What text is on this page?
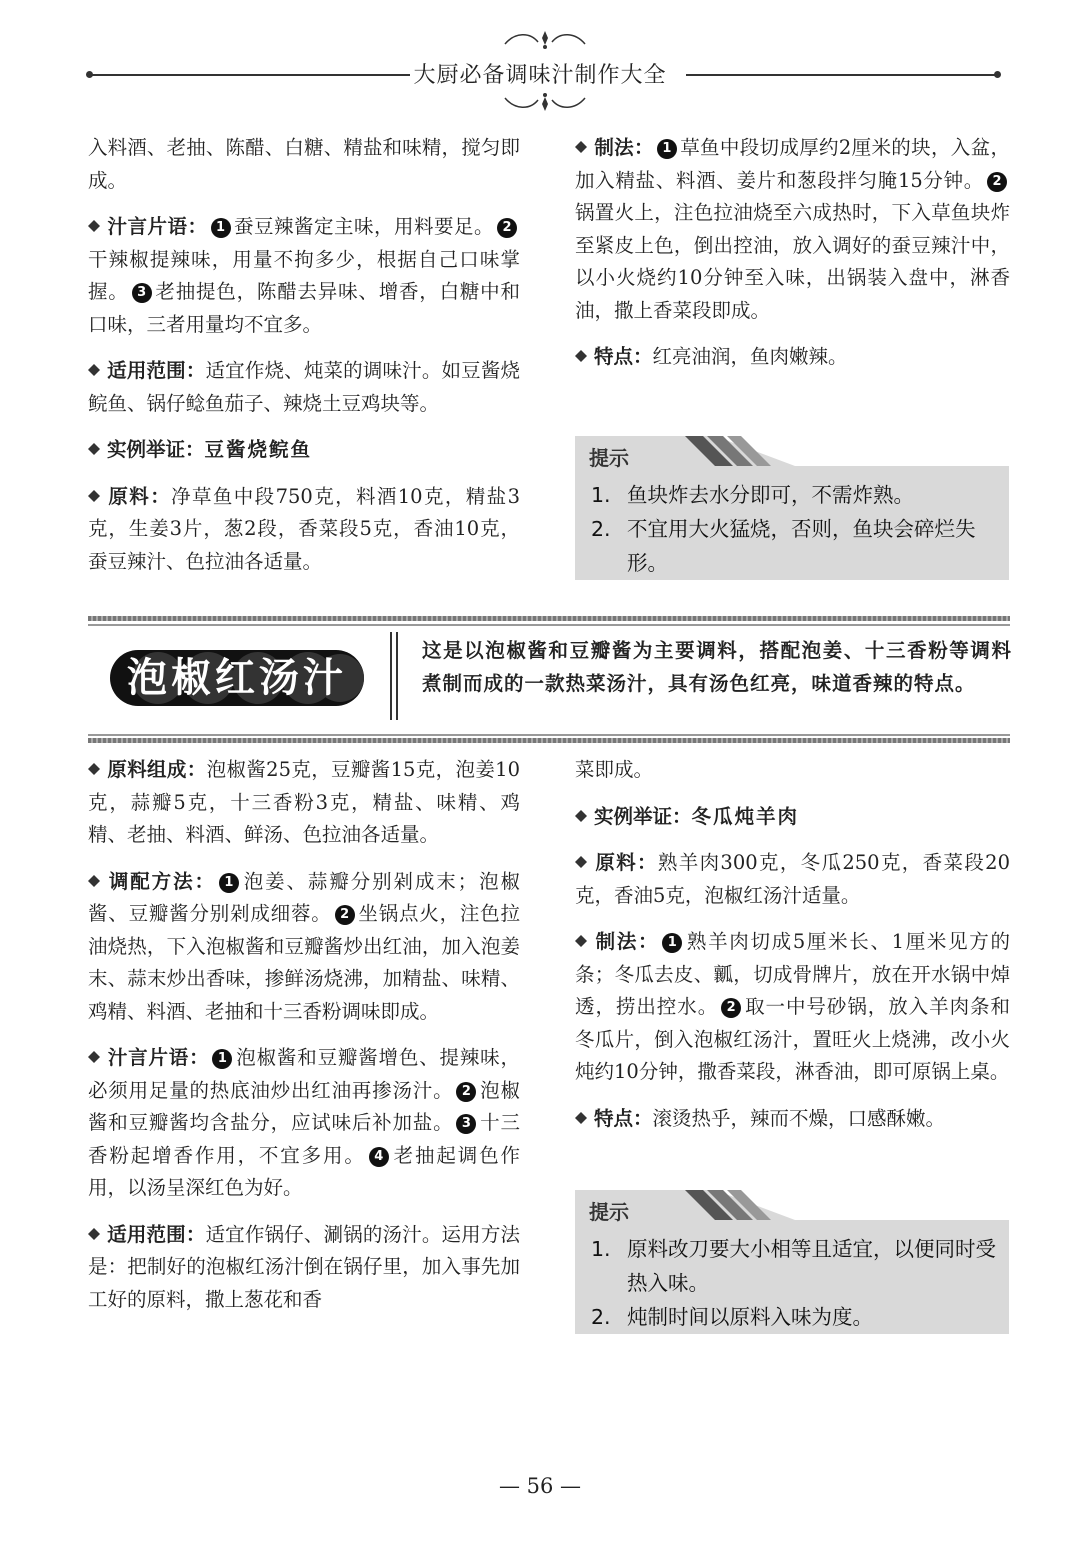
大厨必备调味汁制作大全

入料酒、老抽、陈醋、白糖、精盐和味精，搅匀即成。

汁言片语： 1 蚕豆辣酱定主味，用料要足。 2干辣椒提辣味，用量不拘多少，根据自己口味掌握。 3 老抽提色，陈醋去异味、增香，白糖中和口味，三者用量均不宜多。

适用范围：适宜作烧、炖菜的调味汁。如豆酱烧鲩鱼、锅仔鲶鱼茄子、辣烧土豆鸡块等。

实例举证：豆酱烧鲩鱼

原料：净草鱼中段750克，料酒10克，精盐3克，生姜3片，葱2段，香菜段5克，香油10克，蚕豆辣汁、色拉油各适量。

制法： 1 草鱼中段切成厚约2厘米的块，入盆，加入精盐、料酒、姜片和葱段拌匀腌15分钟。 2锅置火上，注色拉油烧至六成热时，下入草鱼块炸至紧皮上色，倒出控油，放入调好的蚕豆辣汁中，以小火烧约10分钟至入味，出锅装入盘中，淋香油，撒上香菜段即成。

特点：红亮油润，鱼肉嫩辣。

提示
1. 鱼块炸去水分即可，不需炸熟。
2. 不宜用大火猛烧，否则，鱼块会碎烂失形。
泡椒红汤汁
这是以泡椒酱和豆瓣酱为主要调料，搭配泡姜、十三香粉等调料煮制而成的一款热菜汤汁，具有汤色红亮，味道香辣的特点。

原料组成：泡椒酱25克，豆瓣酱15克，泡姜10克，蒜瓣5克，十三香粉3克，精盐、味精、鸡精、老抽、料酒、鲜汤、色拉油各适量。

调配方法： 1 泡姜、蒜瓣分别剁成末；泡椒酱、豆瓣酱分别剁成细蓉。 2 坐锅点火，注色拉油烧热，下入泡椒酱和豆瓣酱炒出红油，加入泡姜末、蒜末炒出香味，掺鲜汤烧沸，加精盐、味精、鸡精、料酒、老抽和十三香粉调味即成。

汁言片语： 1 泡椒酱和豆瓣酱增色、提辣味，必须用足量的热底油炒出红油再掺汤汁。 2 泡椒酱和豆瓣酱均含盐分，应试味后补加盐。 3 十三香粉起增香作用，不宜多用。 4 老抽起调色作用，以汤呈深红色为好。

适用范围：适宜作锅仔、涮锅的汤汁。运用方法是：把制好的泡椒红汤汁倒在锅仔里，加入事先加工好的原料，撒上葱花和香

菜即成。

实例举证：冬瓜炖羊肉

原料：熟羊肉300克，冬瓜250克，香菜段20克，香油5克，泡椒红汤汁适量。

制法： 1 熟羊肉切成5厘米长、1厘米见方的条；冬瓜去皮、瓤，切成骨牌片，放在开水锅中焯透，捞出控水。 2 取一中号砂锅，放入羊肉条和冬瓜片，倒入泡椒红汤汁，置旺火上烧沸，改小火炖约10分钟，撒香菜段，淋香油，即可原锅上桌。

特点：滚烫热乎，辣而不燥，口感酥嫩。

提示
1. 原料改刀要大小相等且适宜，以便同时受热入味。
2. 炖制时间以原料入味为度。
— 56 —
